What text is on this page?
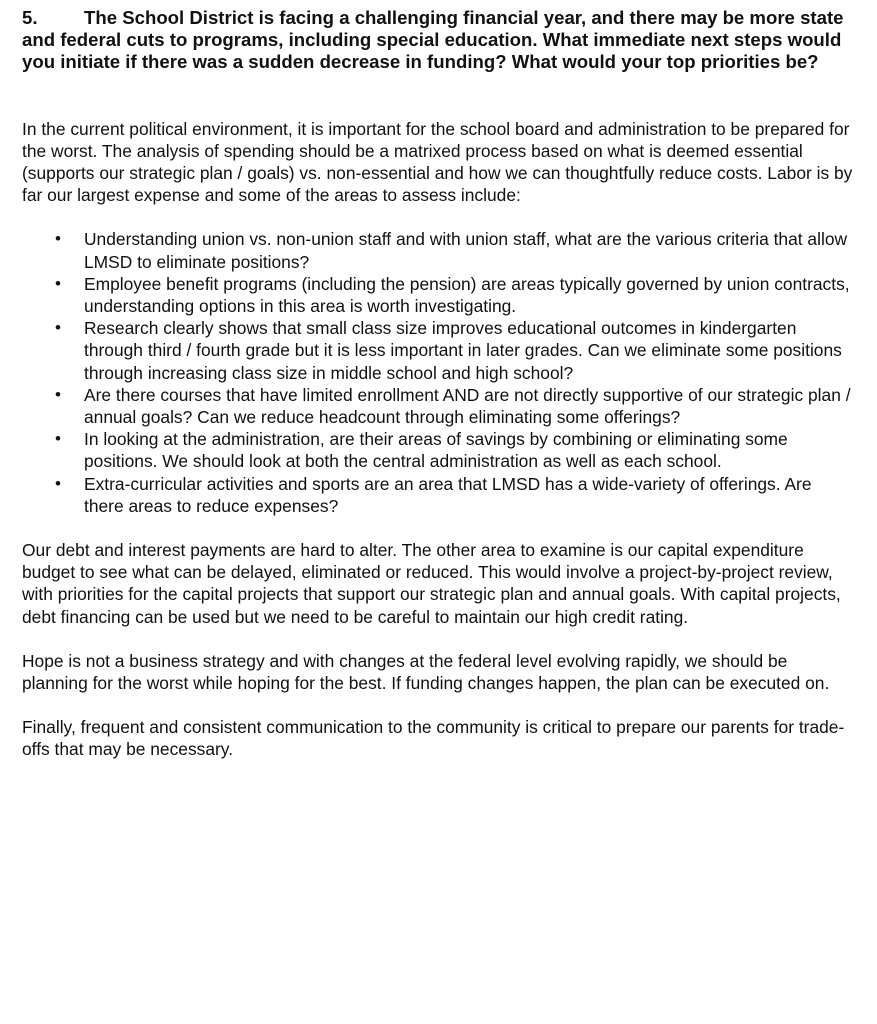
5. The School District is facing a challenging financial year, and there may be more state and federal cuts to programs, including special education. What immediate next steps would you initiate if there was a sudden decrease in funding? What would your top priorities be?

In the current political environment, it is important for the school board and administration to be prepared for the worst. The analysis of spending should be a matrixed process based on what is deemed essential (supports our strategic plan / goals) vs. non-essential and how we can thoughtfully reduce costs. Labor is by far our largest expense and some of the areas to assess include:

• Understanding union vs. non-union staff and with union staff, what are the various criteria that allow LMSD to eliminate positions?
• Employee benefit programs (including the pension) are areas typically governed by union contracts, understanding options in this area is worth investigating.
• Research clearly shows that small class size improves educational outcomes in kindergarten through third / fourth grade but it is less important in later grades. Can we eliminate some positions through increasing class size in middle school and high school?
• Are there courses that have limited enrollment AND are not directly supportive of our strategic plan / annual goals? Can we reduce headcount through eliminating some offerings?
• In looking at the administration, are their areas of savings by combining or eliminating some positions. We should look at both the central administration as well as each school.
• Extra-curricular activities and sports are an area that LMSD has a wide-variety of offerings. Are there areas to reduce expenses?

Our debt and interest payments are hard to alter. The other area to examine is our capital expenditure budget to see what can be delayed, eliminated or reduced. This would involve a project-by-project review, with priorities for the capital projects that support our strategic plan and annual goals. With capital projects, debt financing can be used but we need to be careful to maintain our high credit rating.

Hope is not a business strategy and with changes at the federal level evolving rapidly, we should be planning for the worst while hoping for the best. If funding changes happen, the plan can be executed on.

Finally, frequent and consistent communication to the community is critical to prepare our parents for trade-offs that may be necessary.
